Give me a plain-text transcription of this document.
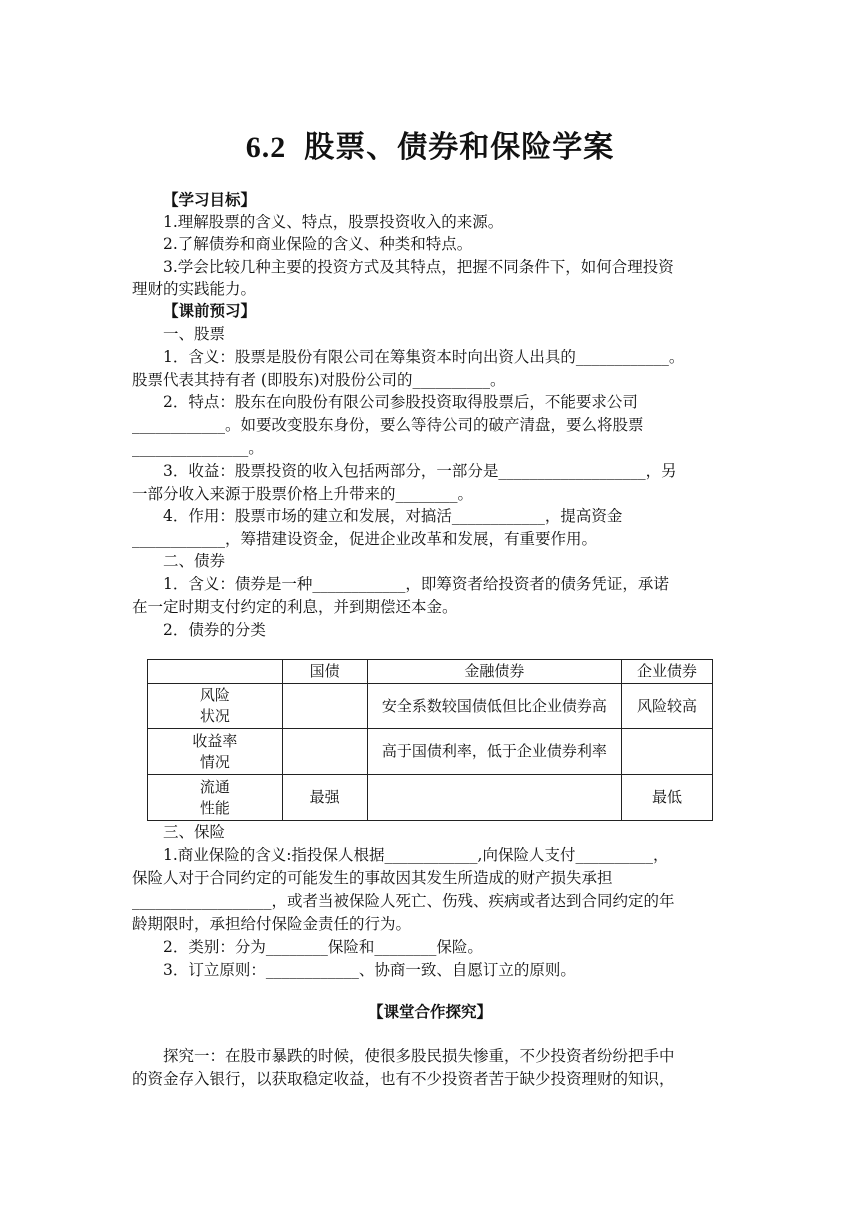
6.2 股票、债券和保险学案
【学习目标】
1.理解股票的含义、特点，股票投资收入的来源。
2.了解债券和商业保险的含义、种类和特点。
3.学会比较几种主要的投资方式及其特点，把握不同条件下，如何合理投资
理财的实践能力。
【课前预习】
一、股票
1．含义：股票是股份有限公司在筹集资本时向出资人出具的____________。
股票代表其持有者 (即股东)对股份公司的__________。
2．特点：股东在向股份有限公司参股投资取得股票后，不能要求公司
____________。如要改变股东身份，要么等待公司的破产清盘，要么将股票
_______________。
3．收益：股票投资的收入包括两部分，一部分是___________________，另
一部分收入来源于股票价格上升带来的________。
4．作用：股票市场的建立和发展，对搞活____________，提高资金
____________，筹措建设资金，促进企业改革和发展，有重要作用。
二、债券
1．含义：债券是一种____________，即筹资者给投资者的债务凭证，承诺
在一定时期支付约定的利息，并到期偿还本金。
2．债券的分类
	国债	金融债券	企业债券
风险
状况		安全系数较国债低但比企业债券高	风险较高
收益率
情况		高于国债利率，低于企业债券利率	
流通
性能	最强		最低
三、保险
1.商业保险的含义:指投保人根据____________,向保险人支付__________，
保险人对于合同约定的可能发生的事故因其发生所造成的财产损失承担
__________________，或者当被保险人死亡、伤残、疾病或者达到合同约定的年
龄期限时，承担给付保险金责任的行为。
2．类别：分为________保险和________保险。
3．订立原则：____________、协商一致、自愿订立的原则。
【课堂合作探究】
探究一：在股市暴跌的时候，使很多股民损失惨重，不少投资者纷纷把手中
的资金存入银行，以获取稳定收益，也有不少投资者苦于缺少投资理财的知识，
